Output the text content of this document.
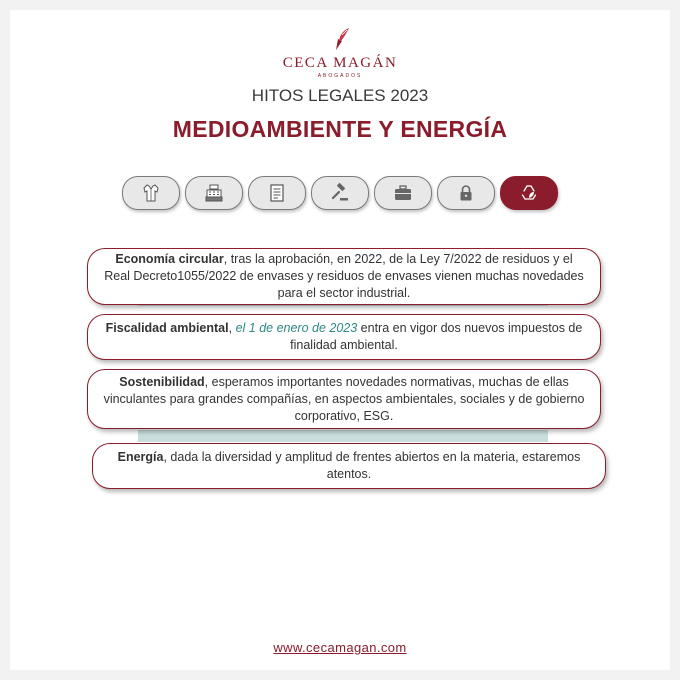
CECA MAGÁN
ABOGADOS
HITOS LEGALES 2023
MEDIOAMBIENTE Y ENERGÍA
Economía circular, tras la aprobación, en 2022, de la Ley 7/2022 de residuos y el Real Decreto1055/2022 de envases y residuos de envases vienen muchas novedades para el sector industrial.
Fiscalidad ambiental, el 1 de enero de 2023 entra en vigor dos nuevos impuestos de finalidad ambiental.
Sostenibilidad, esperamos importantes novedades normativas, muchas de ellas vinculantes para grandes compañías, en aspectos ambientales, sociales y de gobierno corporativo, ESG.
Energía, dada la diversidad y amplitud de frentes abiertos en la materia, estaremos atentos.
www.cecamagan.com
